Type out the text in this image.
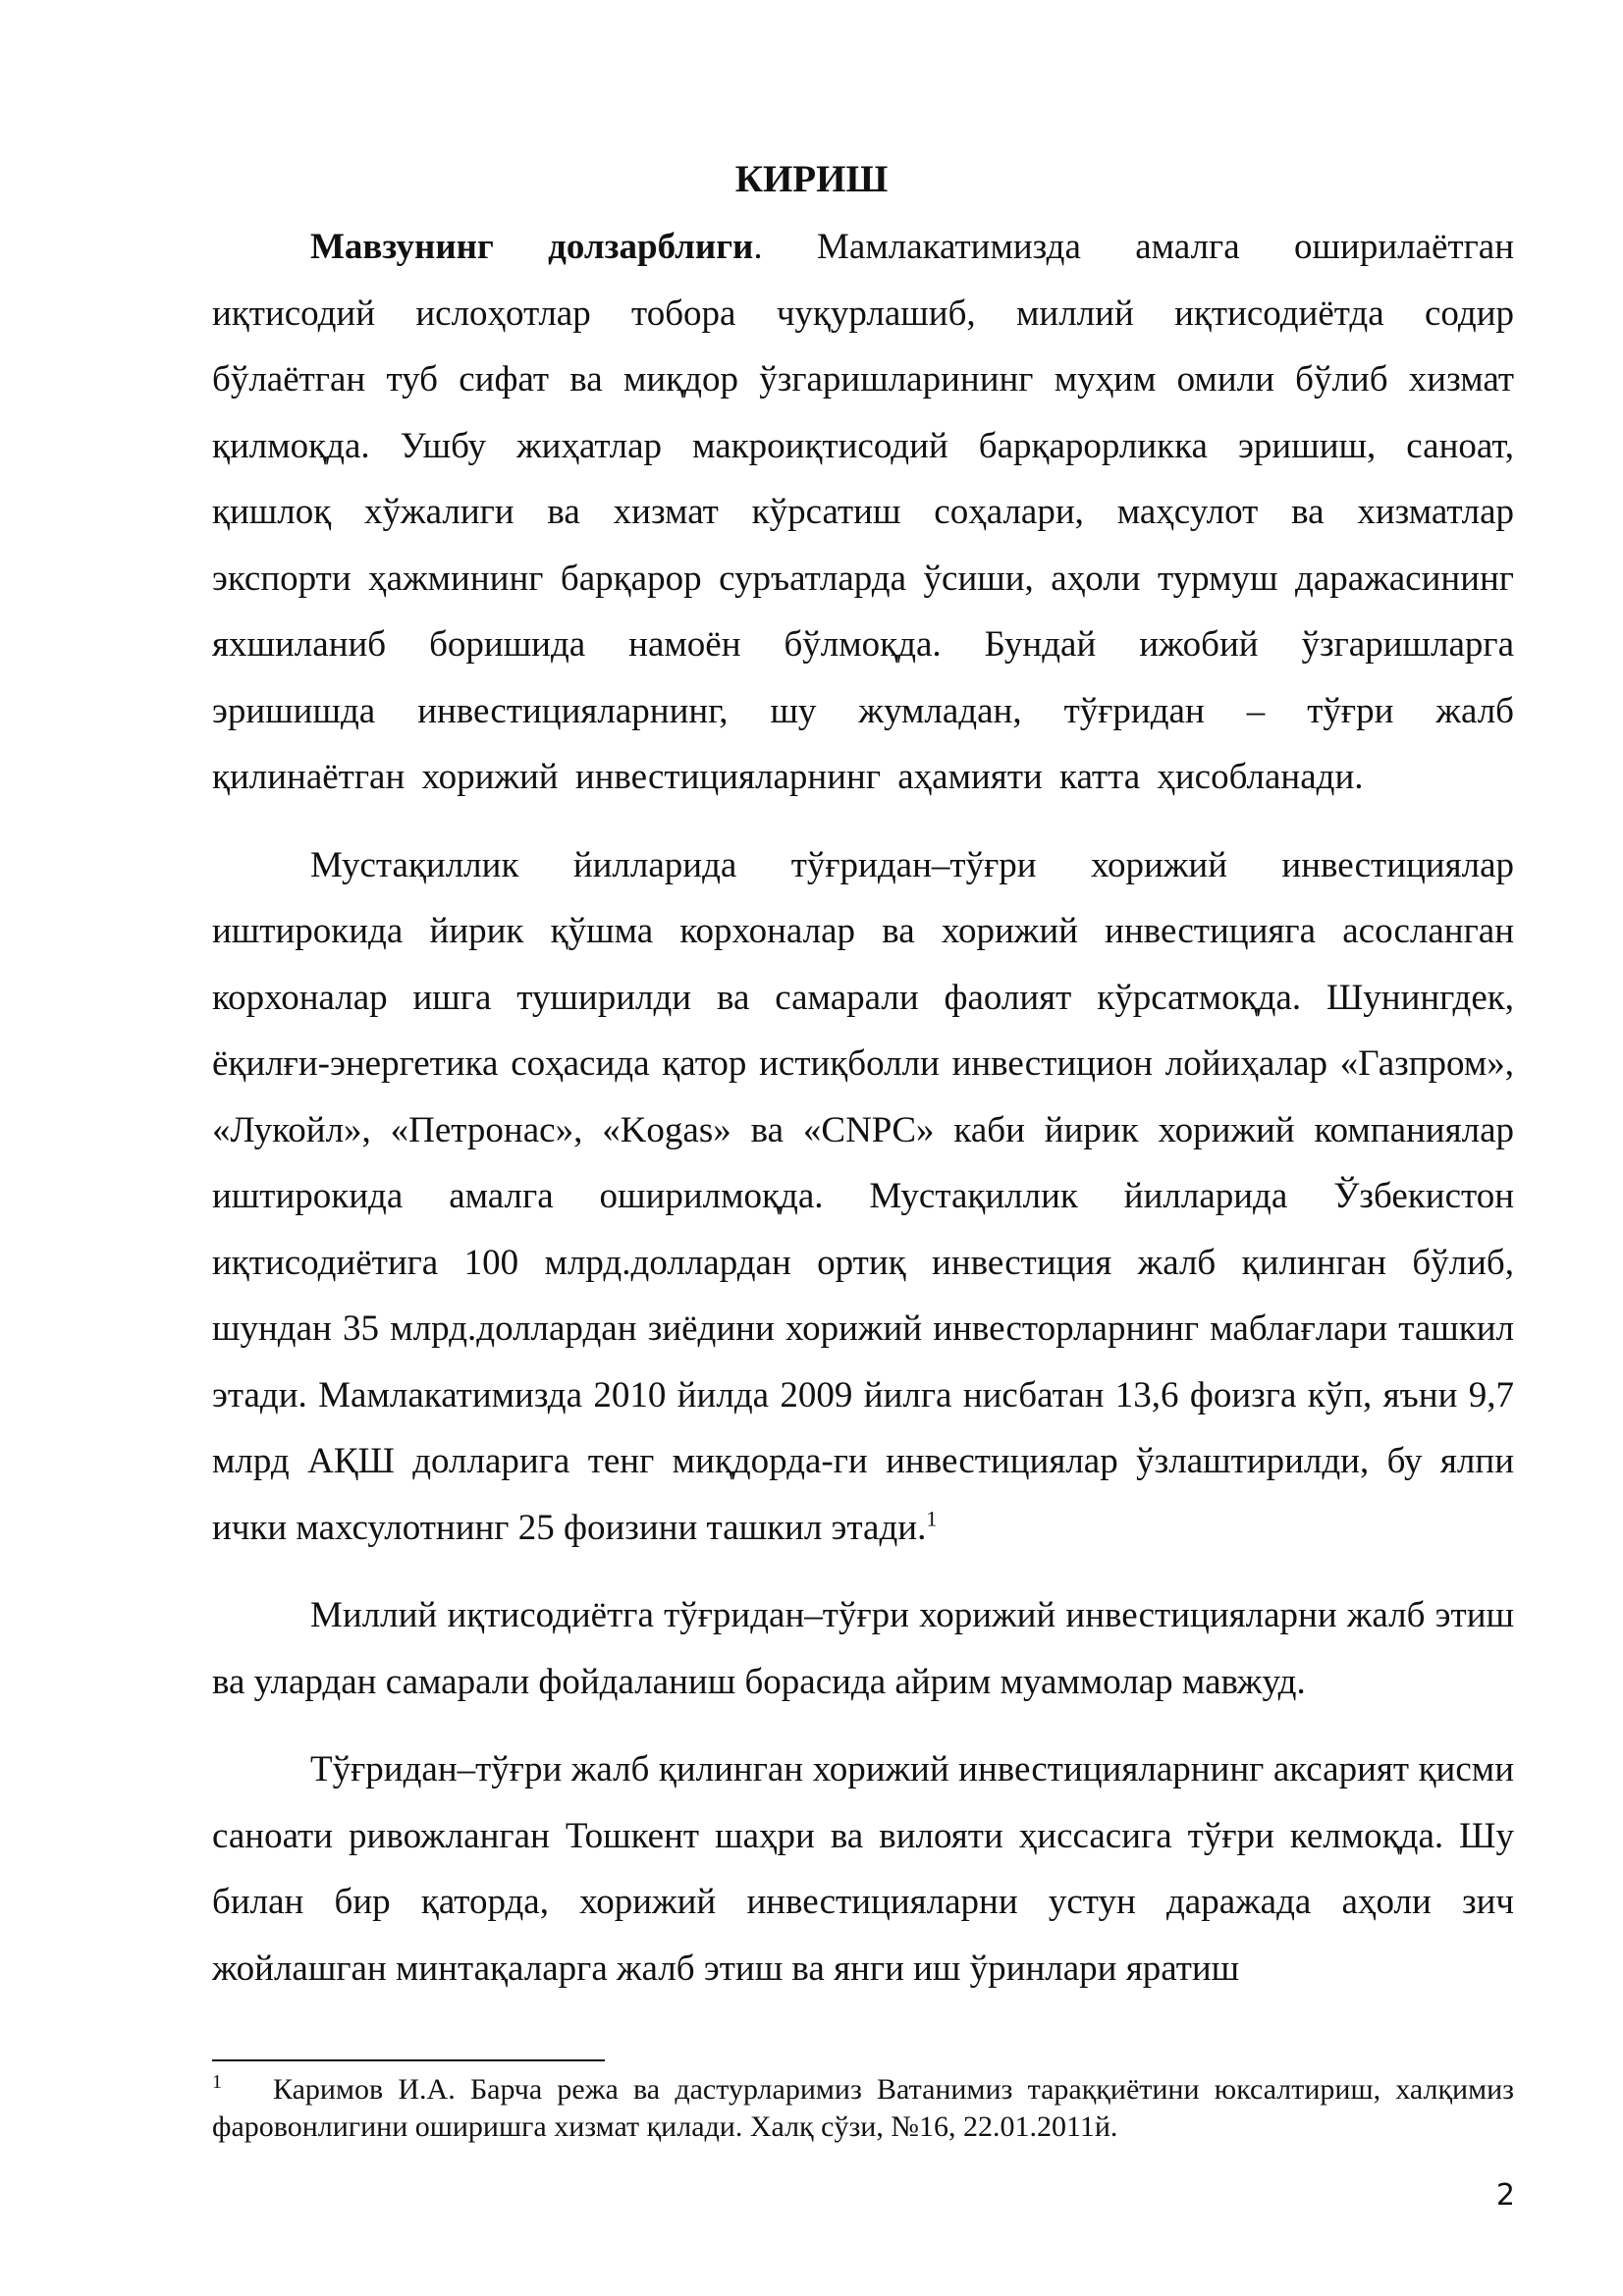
КИРИШ

Мавзунинг долзарблиги. Мамлакатимизда амалга оширилаётган иқтисодий ислоҳотлар тобора чуқурлашиб, миллий иқтисодиётда содир бўлаётган туб сифат ва миқдор ўзгаришларининг муҳим омили бўлиб хизмат қилмоқда. Ушбу жиҳатлар макроиқтисодий барқарорликка эришиш, саноат, қишлоқ хўжалиги ва хизмат кўрсатиш соҳалари, маҳсулот ва хизматлар экспорти ҳажмининг барқарор суръатларда ўсиши, аҳоли турмуш даражасининг яхшиланиб боришида намоён бўлмоқда. Бундай ижобий ўзгаришларга эришишда инвестицияларнинг, шу жумладан, тўғридан – тўғри жалб қилинаётган хорижий инвестицияларнинг аҳамияти катта ҳисобланади.

Мустақиллик йилларида тўғридан–тўғри хорижий инвестициялар иштирокида йирик қўшма корхоналар ва хорижий инвестицияга асосланган корхоналар ишга туширилди ва самарали фаолият кўрсатмоқда. Шунингдек, ёқилғи-энергетика соҳасида қатор истиқболли инвестицион лойиҳалар «Газпром», «Лукойл», «Петронас», «Kogas» ва «CNPC» каби йирик хорижий компаниялар иштирокида амалга оширилмоқда. Мустақиллик йилларида Ўзбекистон иқтисодиётига 100 млрд.доллардан ортиқ инвестиция жалб қилинган бўлиб, шундан 35 млрд.доллардан зиёдини хорижий инвесторларнинг маблағлари ташкил этади. Мамлакатимизда 2010 йилда 2009 йилга нисбатан 13,6 фоизга кўп, яъни 9,7 млрд АҚШ долларига тенг миқдорда-ги инвестициялар ўзлаштирилди, бу ялпи ички махсулотнинг 25 фоизини ташкил этади.$^1$

Миллий иқтисодиётга тўғридан–тўғри хорижий инвестицияларни жалб этиш ва улардан самарали фойдаланиш борасида айрим муаммолар мавжуд.

Тўғридан–тўғри жалб қилинган хорижий инвестицияларнинг аксарият қисми саноати ривожланган Тошкент шаҳри ва вилояти ҳиссасига тўғри келмоқда. Шу билан бир қаторда, хорижий инвестицияларни устун даражада аҳоли зич жойлашган минтақаларга жалб этиш ва янги иш ўринлари яратиш

$^1$ Каримов И.А. Барча режа ва дастурларимиз Ватанимиз тараққиётини юксалтириш, халқимиз фаровонлигини оширишга хизмат қилади. Халқ сўзи, №16, 22.01.2011й.
2
